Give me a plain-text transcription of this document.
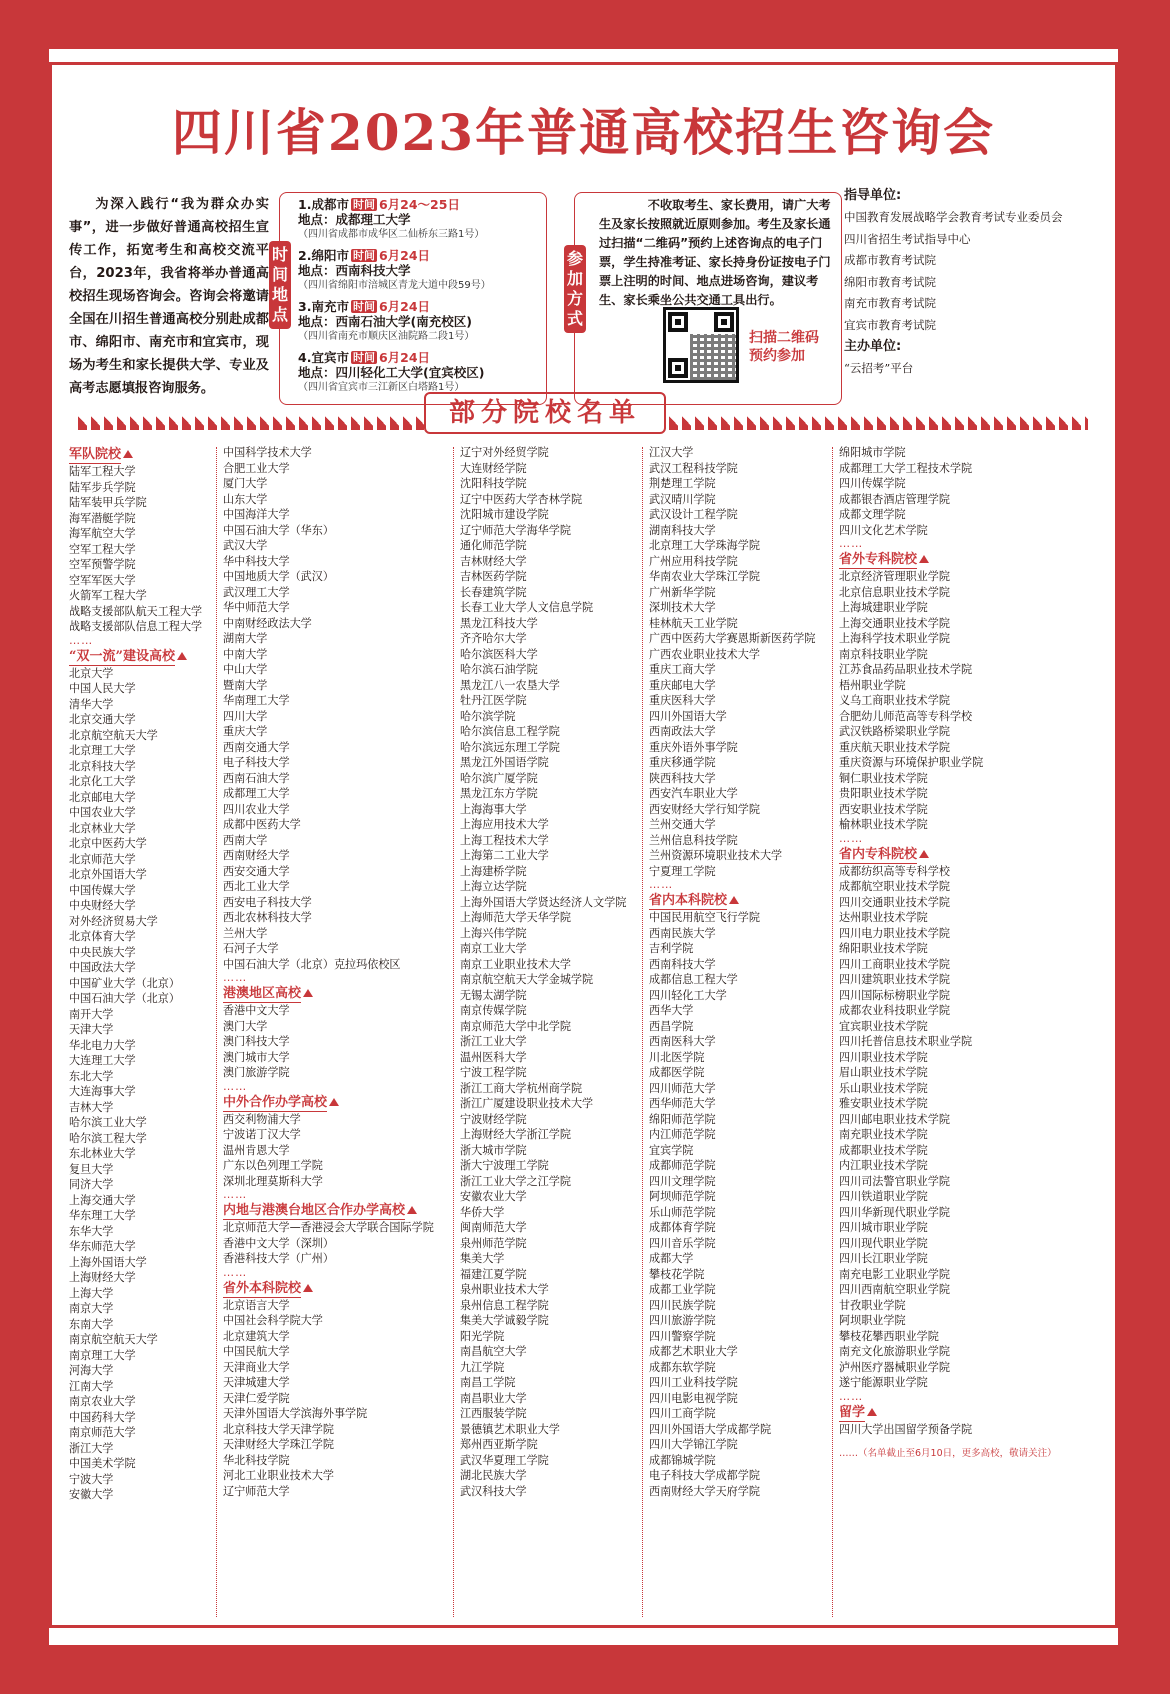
四川省2023年普通高校招生咨询会

为深入践行“我为群众办实事”，进一步做好普通高校招生宣传工作，拓宽考生和高校交流平台，2023年，我省将举办普通高校招生现场咨询会。咨询会将邀请全国在川招生普通高校分别赴成都市、绵阳市、南充市和宜宾市，现场为考生和家长提供大学、专业及高考志愿填报咨询服务。

时
间
地
点
1.成都市 时间 6月24～25日
地点：成都理工大学
（四川省成都市成华区二仙桥东三路1号）
2.绵阳市 时间 6月24日
地点：西南科技大学
（四川省绵阳市涪城区青龙大道中段59号）
3.南充市 时间 6月24日
地点：西南石油大学(南充校区)
（四川省南充市顺庆区油院路二段1号）
4.宜宾市 时间 6月24日
地点：四川轻化工大学(宜宾校区)
（四川省宜宾市三江新区白塔路1号）
参
加
方
式

不收取考生、家长费用，请广大考生及家长按照就近原则参加。考生及家长通过扫描“二维码”预约上述咨询点的电子门票，学生持准考证、家长持身份证按电子门票上注明的时间、地点进场咨询，建议考生、家长乘坐公共交通工具出行。

扫描二维码
预约参加
指导单位:
中国教育发展战略学会教育考试专业委员会
四川省招生考试指导中心
成都市教育考试院
绵阳市教育考试院
南充市教育考试院
宜宾市教育考试院
主办单位:
“云招考”平台
部分院校名单
军队院校
陆军工程大学
陆军步兵学院
陆军装甲兵学院
海军潜艇学院
海军航空大学
空军工程大学
空军预警学院
空军军医大学
火箭军工程大学
战略支援部队航天工程大学
战略支援部队信息工程大学
……
“双一流”建设高校
北京大学
中国人民大学
清华大学
北京交通大学
北京航空航天大学
北京理工大学
北京科技大学
北京化工大学
北京邮电大学
中国农业大学
北京林业大学
北京中医药大学
北京师范大学
北京外国语大学
中国传媒大学
中央财经大学
对外经济贸易大学
北京体育大学
中央民族大学
中国政法大学
中国矿业大学（北京）
中国石油大学（北京）
南开大学
天津大学
华北电力大学
大连理工大学
东北大学
大连海事大学
吉林大学
哈尔滨工业大学
哈尔滨工程大学
东北林业大学
复旦大学
同济大学
上海交通大学
华东理工大学
东华大学
华东师范大学
上海外国语大学
上海财经大学
上海大学
南京大学
东南大学
南京航空航天大学
南京理工大学
河海大学
江南大学
南京农业大学
中国药科大学
南京师范大学
浙江大学
中国美术学院
宁波大学
安徽大学
中国科学技术大学
合肥工业大学
厦门大学
山东大学
中国海洋大学
中国石油大学（华东）
武汉大学
华中科技大学
中国地质大学（武汉）
武汉理工大学
华中师范大学
中南财经政法大学
湖南大学
中南大学
中山大学
暨南大学
华南理工大学
四川大学
重庆大学
西南交通大学
电子科技大学
西南石油大学
成都理工大学
四川农业大学
成都中医药大学
西南大学
西南财经大学
西安交通大学
西北工业大学
西安电子科技大学
西北农林科技大学
兰州大学
石河子大学
中国石油大学（北京）克拉玛依校区
……
港澳地区高校
香港中文大学
澳门大学
澳门科技大学
澳门城市大学
澳门旅游学院
……
中外合作办学高校
西交利物浦大学
宁波诺丁汉大学
温州肯恩大学
广东以色列理工学院
深圳北理莫斯科大学
……
内地与港澳台地区合作办学高校
北京师范大学—香港浸会大学联合国际学院
香港中文大学（深圳）
香港科技大学（广州）
……
省外本科院校
北京语言大学
中国社会科学院大学
北京建筑大学
中国民航大学
天津商业大学
天津城建大学
天津仁爱学院
天津外国语大学滨海外事学院
北京科技大学天津学院
天津财经大学珠江学院
华北科技学院
河北工业职业技术大学
辽宁师范大学
辽宁对外经贸学院
大连财经学院
沈阳科技学院
辽宁中医药大学杏林学院
沈阳城市建设学院
辽宁师范大学海华学院
通化师范学院
吉林财经大学
吉林医药学院
长春建筑学院
长春工业大学人文信息学院
黑龙江科技大学
齐齐哈尔大学
哈尔滨医科大学
哈尔滨石油学院
黑龙江八一农垦大学
牡丹江医学院
哈尔滨学院
哈尔滨信息工程学院
哈尔滨远东理工学院
黑龙江外国语学院
哈尔滨广厦学院
黑龙江东方学院
上海海事大学
上海应用技术大学
上海工程技术大学
上海第二工业大学
上海建桥学院
上海立达学院
上海外国语大学贤达经济人文学院
上海师范大学天华学院
上海兴伟学院
南京工业大学
南京工业职业技术大学
南京航空航天大学金城学院
无锡太湖学院
南京传媒学院
南京师范大学中北学院
浙江工业大学
温州医科大学
宁波工程学院
浙江工商大学杭州商学院
浙江广厦建设职业技术大学
宁波财经学院
上海财经大学浙江学院
浙大城市学院
浙大宁波理工学院
浙江工业大学之江学院
安徽农业大学
华侨大学
闽南师范大学
泉州师范学院
集美大学
福建江夏学院
泉州职业技术大学
泉州信息工程学院
集美大学诚毅学院
阳光学院
南昌航空大学
九江学院
南昌工学院
南昌职业大学
江西服装学院
景德镇艺术职业大学
郑州西亚斯学院
武汉华夏理工学院
湖北民族大学
武汉科技大学
江汉大学
武汉工程科技学院
荆楚理工学院
武汉晴川学院
武汉设计工程学院
湖南科技大学
北京理工大学珠海学院
广州应用科技学院
华南农业大学珠江学院
广州新华学院
深圳技术大学
桂林航天工业学院
广西中医药大学赛恩斯新医药学院
广西农业职业技术大学
重庆工商大学
重庆邮电大学
重庆医科大学
四川外国语大学
西南政法大学
重庆外语外事学院
重庆移通学院
陕西科技大学
西安汽车职业大学
西安财经大学行知学院
兰州交通大学
兰州信息科技学院
兰州资源环境职业技术大学
宁夏理工学院
……
省内本科院校
中国民用航空飞行学院
西南民族大学
吉利学院
西南科技大学
成都信息工程大学
四川轻化工大学
西华大学
西昌学院
西南医科大学
川北医学院
成都医学院
四川师范大学
西华师范大学
绵阳师范学院
内江师范学院
宜宾学院
成都师范学院
四川文理学院
阿坝师范学院
乐山师范学院
成都体育学院
四川音乐学院
成都大学
攀枝花学院
成都工业学院
四川民族学院
四川旅游学院
四川警察学院
成都艺术职业大学
成都东软学院
四川工业科技学院
四川电影电视学院
四川工商学院
四川外国语大学成都学院
四川大学锦江学院
成都锦城学院
电子科技大学成都学院
西南财经大学天府学院
绵阳城市学院
成都理工大学工程技术学院
四川传媒学院
成都银杏酒店管理学院
成都文理学院
四川文化艺术学院
……
省外专科院校
北京经济管理职业学院
北京信息职业技术学院
上海城建职业学院
上海交通职业技术学院
上海科学技术职业学院
南京科技职业学院
江苏食品药品职业技术学院
梧州职业学院
义乌工商职业技术学院
合肥幼儿师范高等专科学校
武汉铁路桥梁职业学院
重庆航天职业技术学院
重庆资源与环境保护职业学院
铜仁职业技术学院
贵阳职业技术学院
西安职业技术学院
榆林职业技术学院
……
省内专科院校
成都纺织高等专科学校
成都航空职业技术学院
四川交通职业技术学院
达州职业技术学院
四川电力职业技术学院
绵阳职业技术学院
四川工商职业技术学院
四川建筑职业技术学院
四川国际标榜职业学院
成都农业科技职业学院
宜宾职业技术学院
四川托普信息技术职业学院
四川职业技术学院
眉山职业技术学院
乐山职业技术学院
雅安职业技术学院
四川邮电职业技术学院
南充职业技术学院
成都职业技术学院
内江职业技术学院
四川司法警官职业学院
四川铁道职业学院
四川华新现代职业学院
四川城市职业学院
四川现代职业学院
四川长江职业学院
南充电影工业职业学院
四川西南航空职业学院
甘孜职业学院
阿坝职业学院
攀枝花攀西职业学院
南充文化旅游职业学院
泸州医疗器械职业学院
遂宁能源职业学院
……
留学
四川大学出国留学预备学院
……（名单截止至6月10日，更多高校，敬请关注）
